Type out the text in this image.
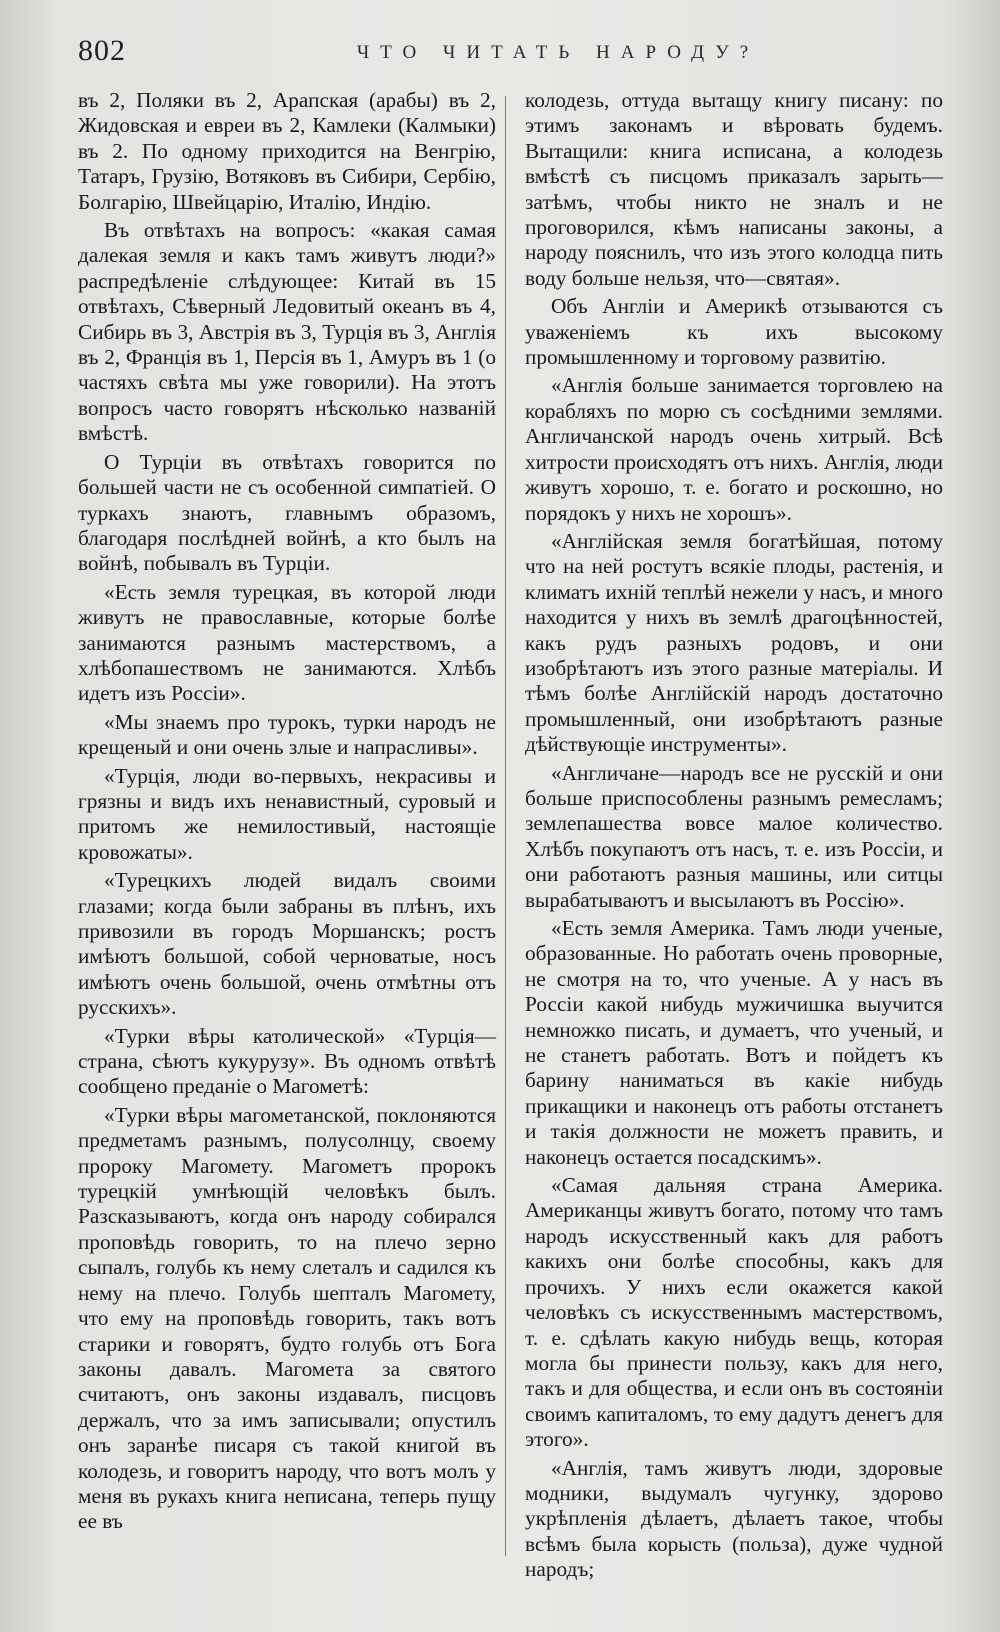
802	ЧТО ЧИТАТЬ НАРОДУ?

въ 2, Поляки въ 2, Арапская (арабы) въ 2, Жидовская и евреи въ 2, Камлеки (Калмыки) въ 2. По одному приходится на Венгрію, Татаръ, Грузію, Вотяковъ въ Сибири, Сербію, Болгарію, Швейцарію, Италію, Индію.

Въ отвѣтахъ на вопросъ: «какая самая далекая земля и какъ тамъ живутъ люди?» распредѣленіе слѣдующее: Китай въ 15 отвѣтахъ, Сѣверный Ледовитый океанъ въ 4, Сибирь въ 3, Австрія въ 3, Турція въ 3, Англія въ 2, Франція въ 1, Персія въ 1, Амуръ въ 1 (о частяхъ свѣта мы уже говорили). На этотъ вопросъ часто говорятъ нѣсколько названій вмѣстѣ.

О Турціи въ отвѣтахъ говорится по большей части не съ особенной симпатіей. О туркахъ знаютъ, главнымъ образомъ, благодаря послѣдней войнѣ, а кто былъ на войнѣ, побывалъ въ Турціи.

«Есть земля турецкая, въ которой люди живутъ не православные, которые болѣе занимаются разнымъ мастерствомъ, а хлѣбопашествомъ не занимаются. Хлѣбъ идетъ изъ Россіи».

«Мы знаемъ про турокъ, турки народъ не крещеный и они очень злые и напрасливы».

«Турція, люди во-первыхъ, некрасивы и грязны и видъ ихъ ненавистный, суровый и притомъ же немилостивый, настоящіе кровожаты».

«Турецкихъ людей видалъ своими глазами; когда были забраны въ плѣнъ, ихъ привозили въ городъ Моршанскъ; ростъ имѣютъ большой, собой черноватые, носъ имѣютъ очень большой, очень отмѣтны отъ русскихъ».

«Турки вѣры католической» «Турція—страна, сѣютъ кукурузу». Въ одномъ отвѣтѣ сообщено преданіе о Магометѣ:

«Турки вѣры магометанской, поклоняются предметамъ разнымъ, полусолнцу, своему пророку Магомету. Магометъ пророкъ турецкій умнѣющій человѣкъ былъ. Разсказываютъ, когда онъ народу собирался проповѣдь говорить, то на плечо зерно сыпалъ, голубь къ нему слеталъ и садился къ нему на плечо. Голубь шепталъ Магомету, что ему на проповѣдь говорить, такъ вотъ старики и говорятъ, будто голубь отъ Бога законы давалъ. Магомета за святого считаютъ, онъ законы издавалъ, писцовъ держалъ, что за имъ записывали; опустилъ онъ заранѣе писаря съ такой книгой въ колодезь, и говоритъ народу, что вотъ молъ у меня въ рукахъ книга неписана, теперь пущу ее въ

колодезь, оттуда вытащу книгу писану: по этимъ законамъ и вѣровать будемъ. Вытащили: книга исписана, а колодезь вмѣстѣ съ писцомъ приказалъ зарыть—затѣмъ, чтобы никто не зналъ и не проговорился, кѣмъ написаны законы, а народу пояснилъ, что изъ этого колодца пить воду больше нельзя, что—святая».

Объ Англіи и Америкѣ отзываются съ уваженіемъ къ ихъ высокому промышленному и торговому развитію.

«Англія больше занимается торговлею на корабляхъ по морю съ сосѣдними землями. Англичанской народъ очень хитрый. Всѣ хитрости происходятъ отъ нихъ. Англія, люди живутъ хорошо, т. е. богато и роскошно, но порядокъ у нихъ не хорошъ».

«Англійская земля богатѣйшая, потому что на ней ростутъ всякіе плоды, растенія, и климатъ ихній теплѣй нежели у насъ, и много находится у нихъ въ землѣ драгоцѣнностей, какъ рудъ разныхъ родовъ, и они изобрѣтаютъ изъ этого разные матеріалы. И тѣмъ болѣе Англійскій народъ достаточно промышленный, они изобрѣтаютъ разные дѣйствующіе инструменты».

«Англичане—народъ все не русскій и они больше приспособлены разнымъ ремесламъ; землепашества вовсе малое количество. Хлѣбъ покупаютъ отъ насъ, т. е. изъ Россіи, и они работаютъ разныя машины, или ситцы вырабатываютъ и высылаютъ въ Россію».

«Есть земля Америка. Тамъ люди ученые, образованные. Но работать очень проворные, не смотря на то, что ученые. А у насъ въ Россіи какой нибудь мужичишка выучится немножко писать, и думаетъ, что ученый, и не станетъ работать. Вотъ и пойдетъ къ барину наниматься въ какіе нибудь прикащики и наконецъ отъ работы отстанетъ и такія должности не можетъ править, и наконецъ остается посадскимъ».

«Самая дальняя страна Америка. Американцы живутъ богато, потому что тамъ народъ искусственный какъ для работъ какихъ они болѣе способны, какъ для прочихъ. У нихъ если окажется какой человѣкъ съ искусственнымъ мастерствомъ, т. е. сдѣлать какую нибудь вещь, которая могла бы принести пользу, какъ для него, такъ и для общества, и если онъ въ состояніи своимъ капиталомъ, то ему дадутъ денегъ для этого».

«Англія, тамъ живутъ люди, здоровые модники, выдумалъ чугунку, здорово укрѣпленія дѣлаетъ, дѣлаетъ такое, чтобы всѣмъ была корысть (польза), дуже чудной народъ;
